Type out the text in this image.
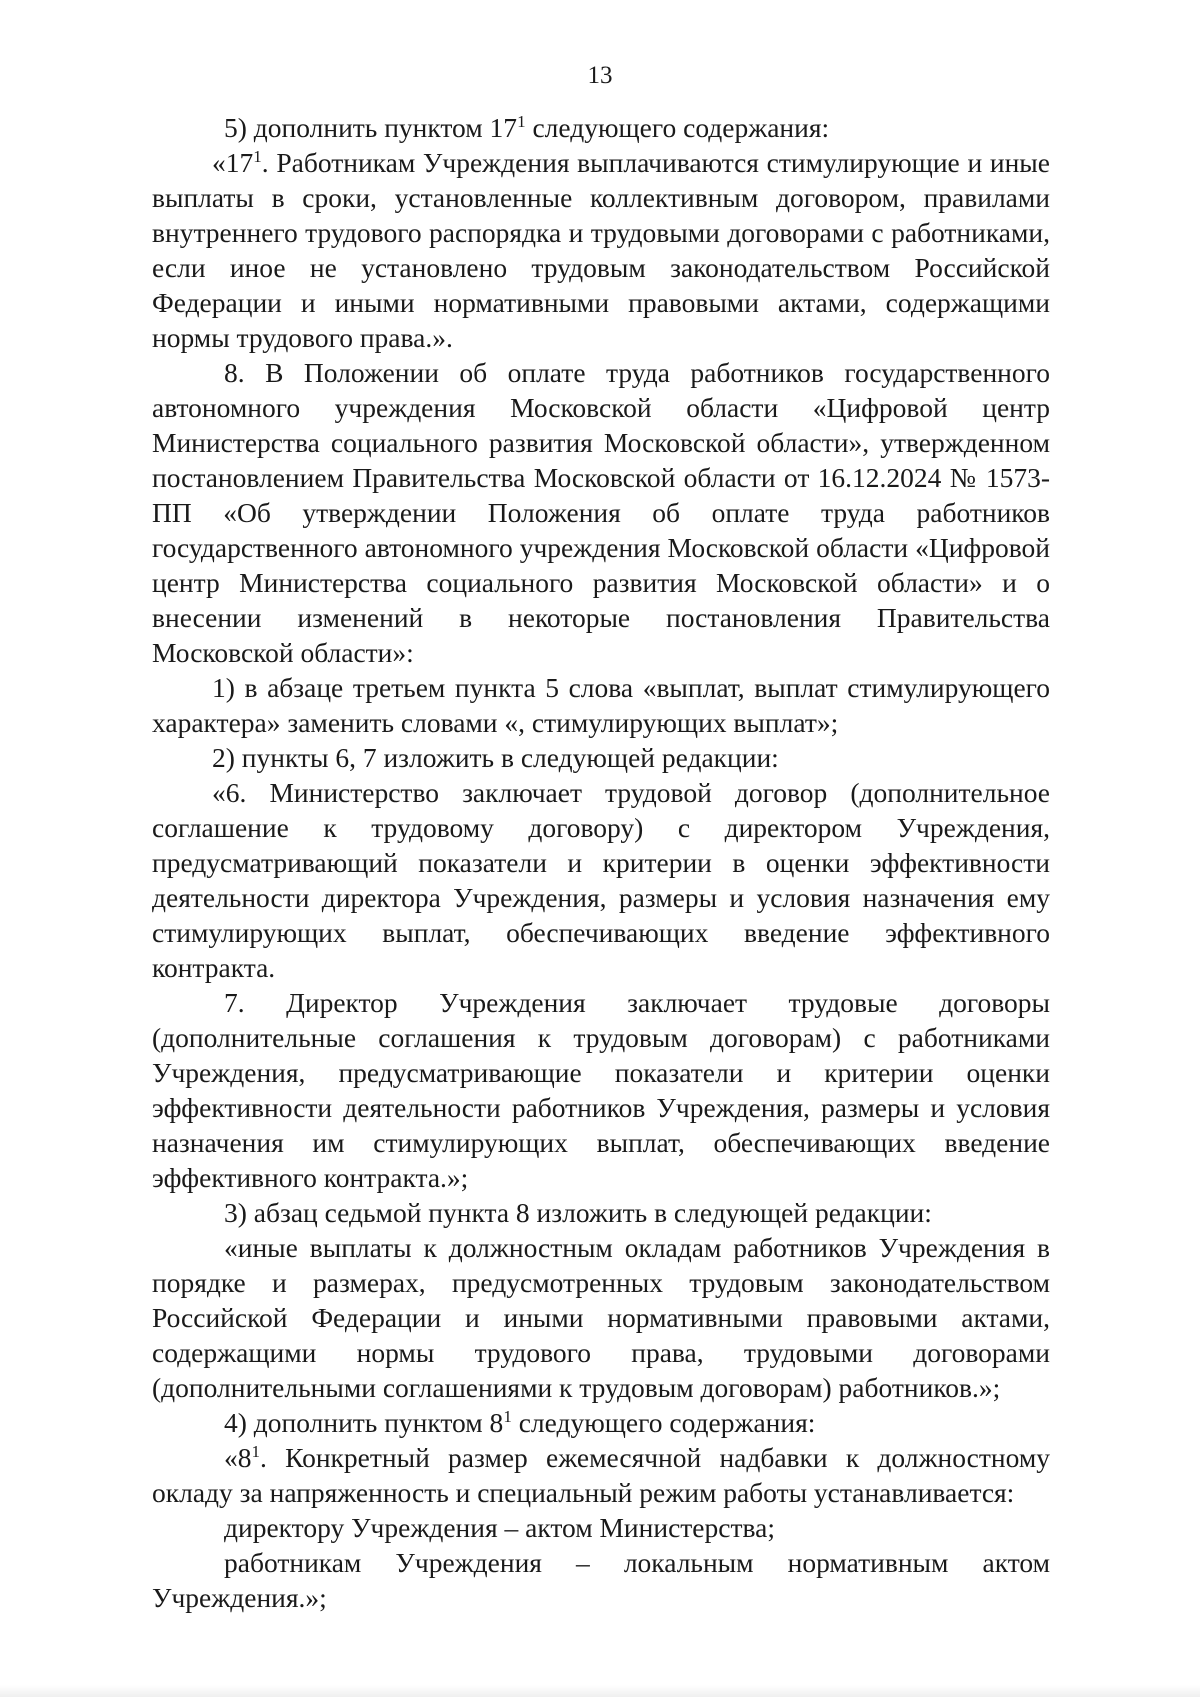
13

5) дополнить пунктом $17^1$ следующего содержания:

«$17^1$. Работникам Учреждения выплачиваются стимулирующие и иные выплаты в сроки, установленные коллективным договором, правилами внутреннего трудового распорядка и трудовыми договорами с работниками, если иное не установлено трудовым законодательством Российской Федерации и иными нормативными правовыми актами, содержащими нормы трудового права.».

8. В Положении об оплате труда работников государственного автономного учреждения Московской области «Цифровой центр Министерства социального развития Московской области», утвержденном постановлением Правительства Московской области от 16.12.2024 № 1573-ПП «Об утверждении Положения об оплате труда работников государственного автономного учреждения Московской области «Цифровой центр Министерства социального развития Московской области» и о внесении изменений в некоторые постановления Правительства Московской области»:

1) в абзаце третьем пункта 5 слова «выплат, выплат стимулирующего характера» заменить словами «, стимулирующих выплат»;

2) пункты 6, 7 изложить в следующей редакции:

«6. Министерство заключает трудовой договор (дополнительное соглашение к трудовому договору) с директором Учреждения, предусматривающий показатели и критерии в оценки эффективности деятельности директора Учреждения, размеры и условия назначения ему стимулирующих выплат, обеспечивающих введение эффективного контракта.

7. Директор Учреждения заключает трудовые договоры (дополнительные соглашения к трудовым договорам) с работниками Учреждения, предусматривающие показатели и критерии оценки эффективности деятельности работников Учреждения, размеры и условия назначения им стимулирующих выплат, обеспечивающих введение эффективного контракта.»;

3) абзац седьмой пункта 8 изложить в следующей редакции:

«иные выплаты к должностным окладам работников Учреждения в порядке и размерах, предусмотренных трудовым законодательством Российской Федерации и иными нормативными правовыми актами, содержащими нормы трудового права, трудовыми договорами (дополнительными соглашениями к трудовым договорам) работников.»;

4) дополнить пунктом $8^1$ следующего содержания:

«$8^1$. Конкретный размер ежемесячной надбавки к должностному окладу за напряженность и специальный режим работы устанавливается:

директору Учреждения – актом Министерства;

работникам Учреждения – локальным нормативным актом Учреждения.»;
